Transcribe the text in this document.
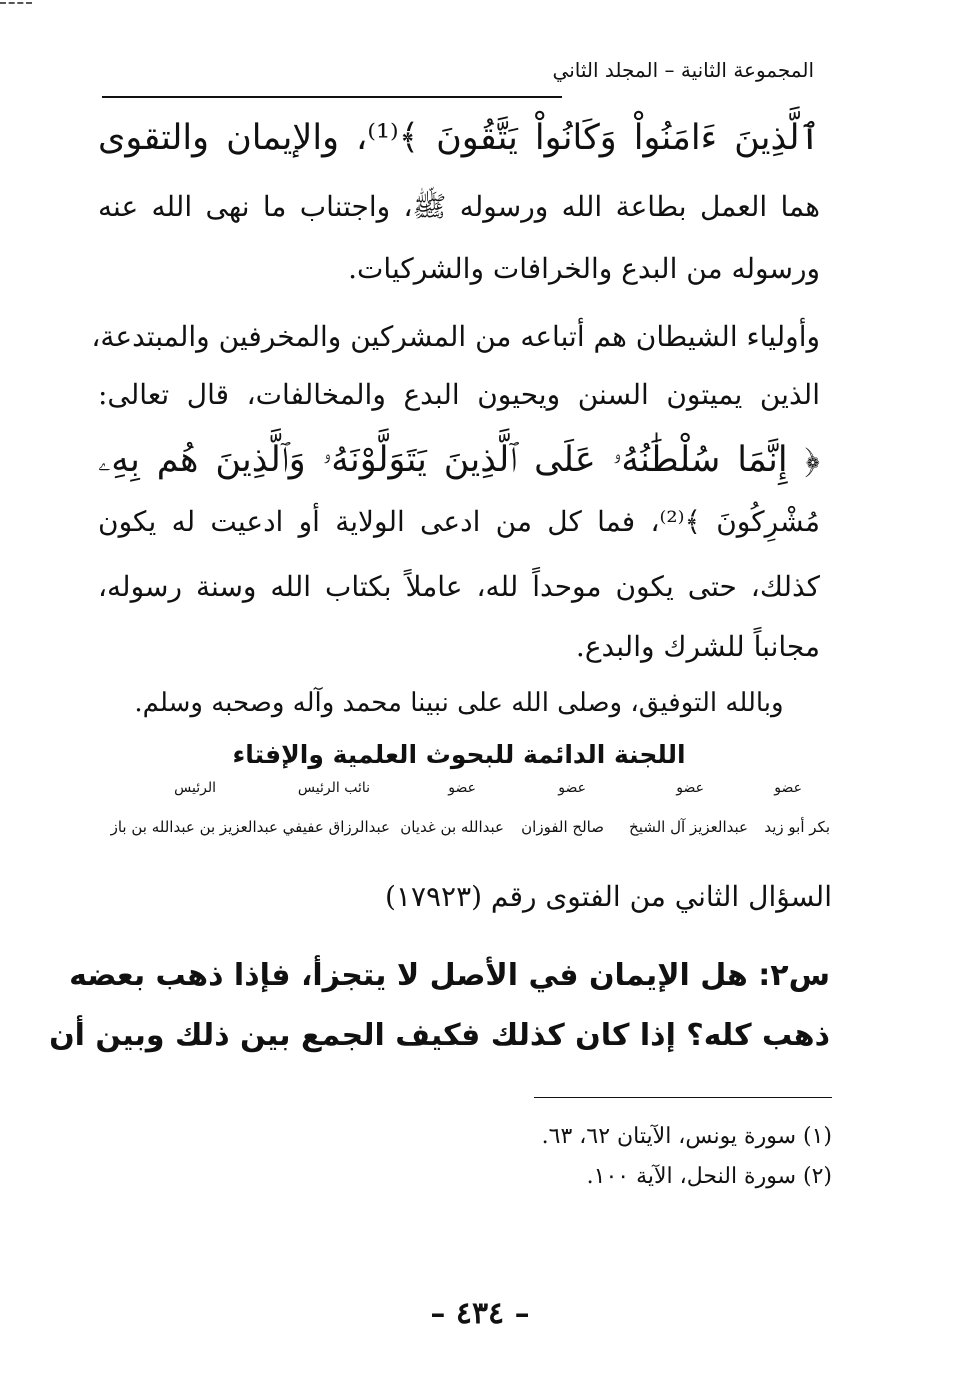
المجموعة الثانية – المجلد الثاني
ٱلَّذِينَ ءَامَنُواْ وَكَانُواْ يَتَّقُونَ ﴾⁽¹⁾، والإيمان والتقوى
هما العمل بطاعة الله ورسوله ﷺ، واجتناب ما نهى الله عنه
ورسوله من البدع والخرافات والشركيات.
وأولياء الشيطان هم أتباعه من المشركين والمخرفين والمبتدعة،
الذين يميتون السنن ويحيون البدع والمخالفات، قال تعالى:
﴿ إِنَّمَا سُلْطَٰنُهُۥ عَلَى ٱلَّذِينَ يَتَوَلَّوْنَهُۥ وَٱلَّذِينَ هُم بِهِۦ
مُشْرِكُونَ ﴾⁽²⁾، فما كل من ادعى الولاية أو ادعيت له يكون
كذلك، حتى يكون موحداً لله، عاملاً بكتاب الله وسنة رسوله،
مجانباً للشرك والبدع.
وبالله التوفيق، وصلى الله على نبينا محمد وآله وصحبه وسلم.
اللجنة الدائمة للبحوث العلمية والإفتاء
عضو
عضو
عضو
عضو
نائب الرئيس
الرئيس
بكر أبو زيد
عبدالعزيز آل الشيخ
صالح الفوزان
عبدالله بن غديان
عبدالرزاق عفيفي
عبدالعزيز بن عبدالله بن باز
السؤال الثاني من الفتوى رقم (١٧٩٢٣)
س٢: هل الإيمان في الأصل لا يتجزأ، فإذا ذهب بعضه
ذهب كله؟ إذا كان كذلك فكيف الجمع بين ذلك وبين أن
(١) سورة يونس، الآيتان ٦٢، ٦٣.
(٢) سورة النحل، الآية ١٠٠.
– ٤٣٤ –
